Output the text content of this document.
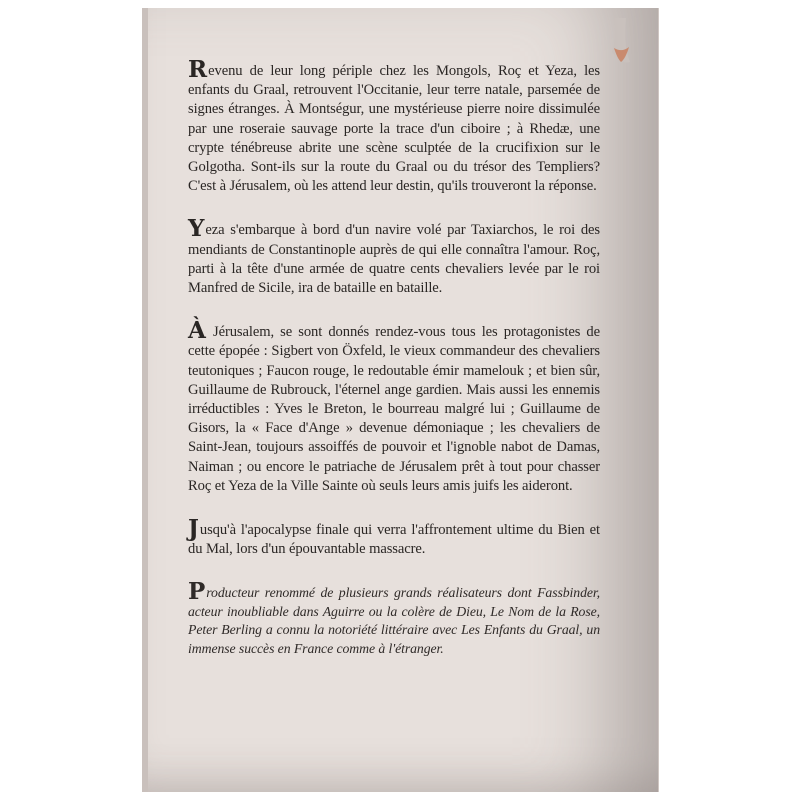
Revenu de leur long périple chez les Mongols, Roç et Yeza, les enfants du Graal, retrouvent l'Occitanie, leur terre natale, parsemée de signes étranges. À Montségur, une mystérieuse pierre noire dissimulée par une roseraie sauvage porte la trace d'un ciboire ; à Rhedæ, une crypte ténébreuse abrite une scène sculptée de la crucifixion sur le Golgotha. Sont-ils sur la route du Graal ou du trésor des Templiers? C'est à Jérusalem, où les attend leur destin, qu'ils trouveront la réponse.

Yeza s'embarque à bord d'un navire volé par Taxiarchos, le roi des mendiants de Constantinople auprès de qui elle connaîtra l'amour. Roç, parti à la tête d'une armée de quatre cents chevaliers levée par le roi Manfred de Sicile, ira de bataille en bataille.

À Jérusalem, se sont donnés rendez-vous tous les protagonistes de cette épopée : Sigbert von Öxfeld, le vieux commandeur des chevaliers teutoniques ; Faucon rouge, le redoutable émir mamelouk ; et bien sûr, Guillaume de Rubrouck, l'éternel ange gardien. Mais aussi les ennemis irréductibles : Yves le Breton, le bourreau malgré lui ; Guillaume de Gisors, la « Face d'Ange » devenue démoniaque ; les chevaliers de Saint-Jean, toujours assoiffés de pouvoir et l'ignoble nabot de Damas, Naiman ; ou encore le patriache de Jérusalem prêt à tout pour chasser Roç et Yeza de la Ville Sainte où seuls leurs amis juifs les aideront.

Jusqu'à l'apocalypse finale qui verra l'affrontement ultime du Bien et du Mal, lors d'un épouvantable massacre.

Producteur renommé de plusieurs grands réalisateurs dont Fassbinder, acteur inoubliable dans Aguirre ou la colère de Dieu, Le Nom de la Rose, Peter Berling a connu la notoriété littéraire avec Les Enfants du Graal, un immense succès en France comme à l'étranger.
